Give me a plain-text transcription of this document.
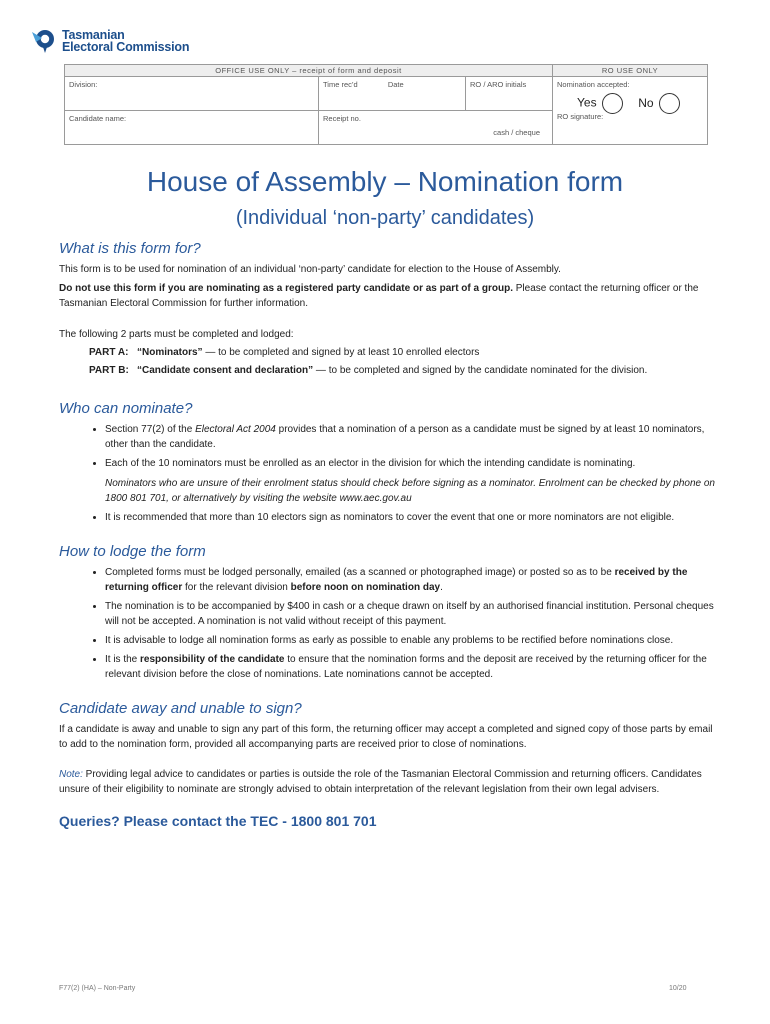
Tasmanian
Electoral Commission
OFFICE USE ONLY – receipt of form and deposit			RO USE ONLY
Division:	Time rec’d Date	RO / ARO initials	Nomination accepted:
Yes No
RO signature:

Candidate name:	Receipt no.
cash / cheque		
House of Assembly – Nomination form
(Individual ‘non-party’ candidates)
What is this form for?

This form is to be used for nomination of an individual ‘non-party’ candidate for election to the House of Assembly.

Do not use this form if you are nominating as a registered party candidate or as part of a group. Please contact the returning officer or the Tasmanian Electoral Commission for further information.

The following 2 parts must be completed and lodged:

PART A: “Nominators” — to be completed and signed by at least 10 enrolled electors
PART B: “Candidate consent and declaration” — to be completed and signed by the candidate nominated for the division.
Who can nominate?
• Section 77(2) of the Electoral Act 2004 provides that a nomination of a person as a candidate must be signed by at least 10 nominators, other than the candidate.
• Each of the 10 nominators must be enrolled as an elector in the division for which the intending candidate is nominating.
Nominators who are unsure of their enrolment status should check before signing as a nominator. Enrolment can be checked by phone on 1800 801 701, or alternatively by visiting the website www.aec.gov.au
• It is recommended that more than 10 electors sign as nominators to cover the event that one or more nominators are not eligible.
How to lodge the form
• Completed forms must be lodged personally, emailed (as a scanned or photographed image) or posted so as to be received by the returning officer for the relevant division before noon on nomination day.
• The nomination is to be accompanied by $400 in cash or a cheque drawn on itself by an authorised financial institution. Personal cheques will not be accepted. A nomination is not valid without receipt of this payment.
• It is advisable to lodge all nomination forms as early as possible to enable any problems to be rectified before nominations close.
• It is the responsibility of the candidate to ensure that the nomination forms and the deposit are received by the returning officer for the relevant division before the close of nominations. Late nominations cannot be accepted.
Candidate away and unable to sign?

If a candidate is away and unable to sign any part of this form, the returning officer may accept a completed and signed copy of those parts by email to add to the nomination form, provided all accompanying parts are received prior to close of nominations.

Note: Providing legal advice to candidates or parties is outside the role of the Tasmanian Electoral Commission and returning officers. Candidates unsure of their eligibility to nominate are strongly advised to obtain interpretation of the relevant legislation from their own legal advisers.

Queries? Please contact the TEC - 1800 801 701
F77(2) (HA) – Non-Party	10/20
